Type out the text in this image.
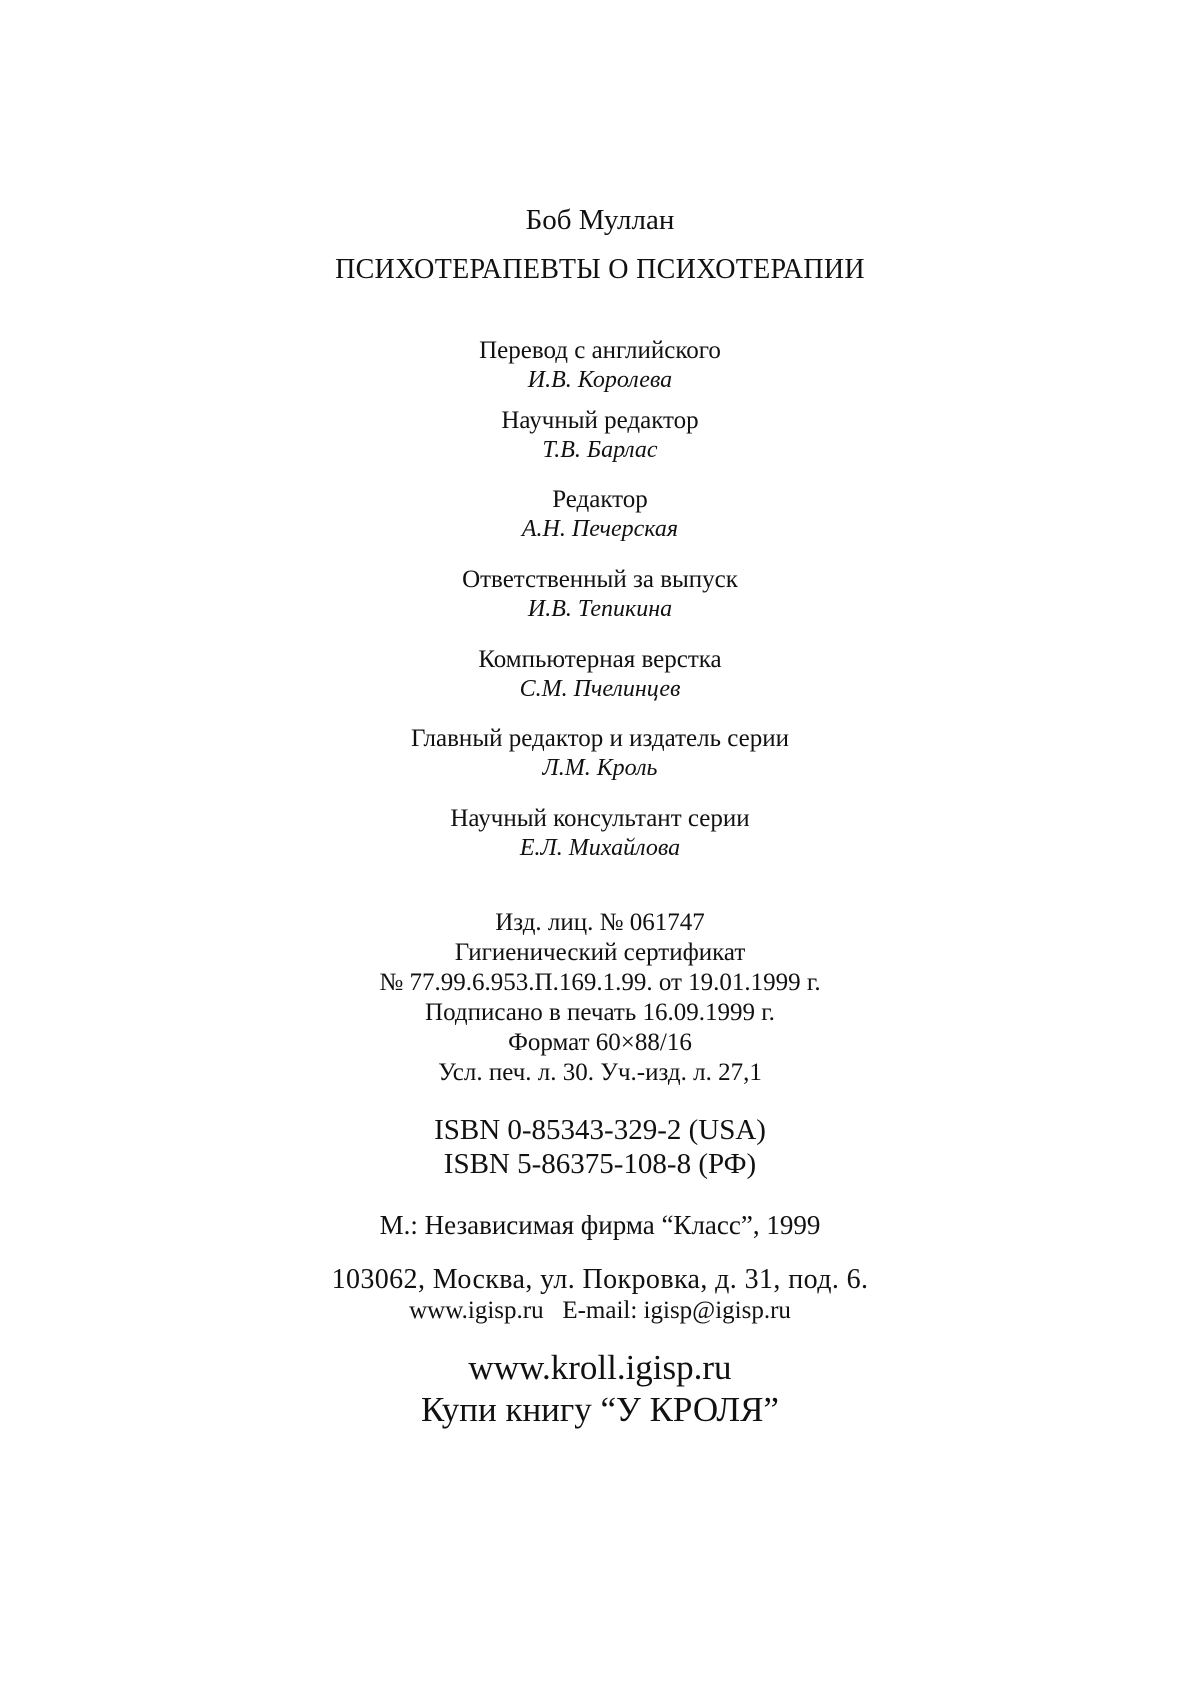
Боб Муллан
ПСИХОТЕРАПЕВТЫ О ПСИХОТЕРАПИИ
Перевод с английского
И.В. Королева
Научный редактор
Т.В. Барлас
Редактор
А.Н. Печерская
Ответственный за выпуск
И.В. Тепикина
Компьютерная верстка
С.М. Пчелинцев
Главный редактор и издатель серии
Л.М. Кроль
Научный консультант серии
Е.Л. Михайлова
Изд. лиц. № 061747
Гигиенический сертификат
№ 77.99.6.953.П.169.1.99. от 19.01.1999 г.
Подписано в печать 16.09.1999 г.
Формат 60×88/16
Усл. печ. л. 30. Уч.-изд. л. 27,1
ISBN 0-85343-329-2 (USA)
ISBN 5-86375-108-8 (РФ)
М.: Независимая фирма “Класс”, 1999
103062, Москва, ул. Покровка, д. 31, под. 6.
www.igisp.ru   E-mail: igisp@igisp.ru
www.kroll.igisp.ru
Купи книгу “У КРОЛЯ”
